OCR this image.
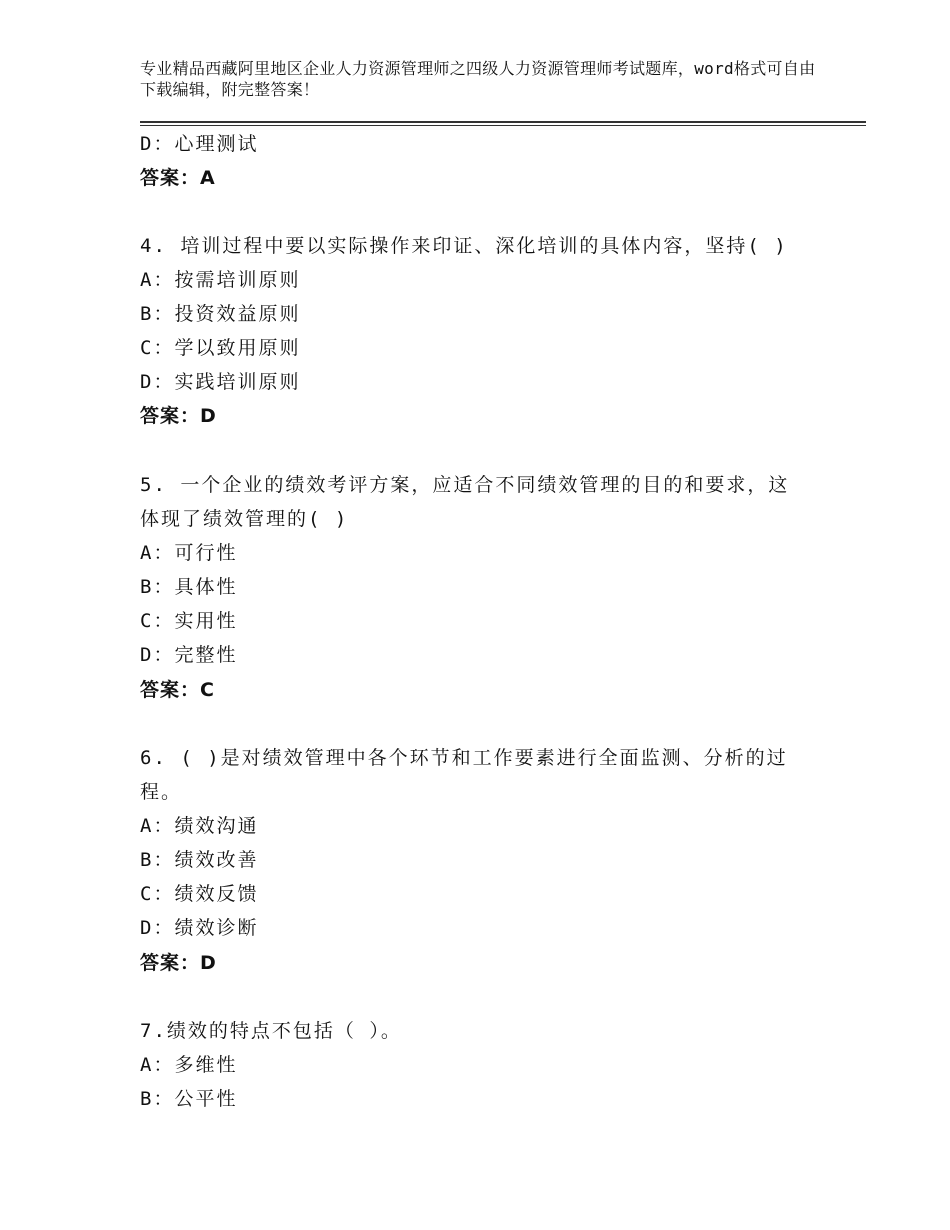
专业精品西藏阿里地区企业人力资源管理师之四级人力资源管理师考试题库，word格式可自由下载编辑，附完整答案！
D：心理测试
答案：A
4. 培训过程中要以实际操作来印证、深化培训的具体内容，坚持( )
A：按需培训原则
B：投资效益原则
C：学以致用原则
D：实践培训原则
答案：D
5. 一个企业的绩效考评方案，应适合不同绩效管理的目的和要求，这
体现了绩效管理的( )
A：可行性
B：具体性
C：实用性
D：完整性
答案：C
6. ( )是对绩效管理中各个环节和工作要素进行全面监测、分析的过
程。
A：绩效沟通
B：绩效改善
C：绩效反馈
D：绩效诊断
答案：D
7.绩效的特点不包括（ ）。
A：多维性
B：公平性
